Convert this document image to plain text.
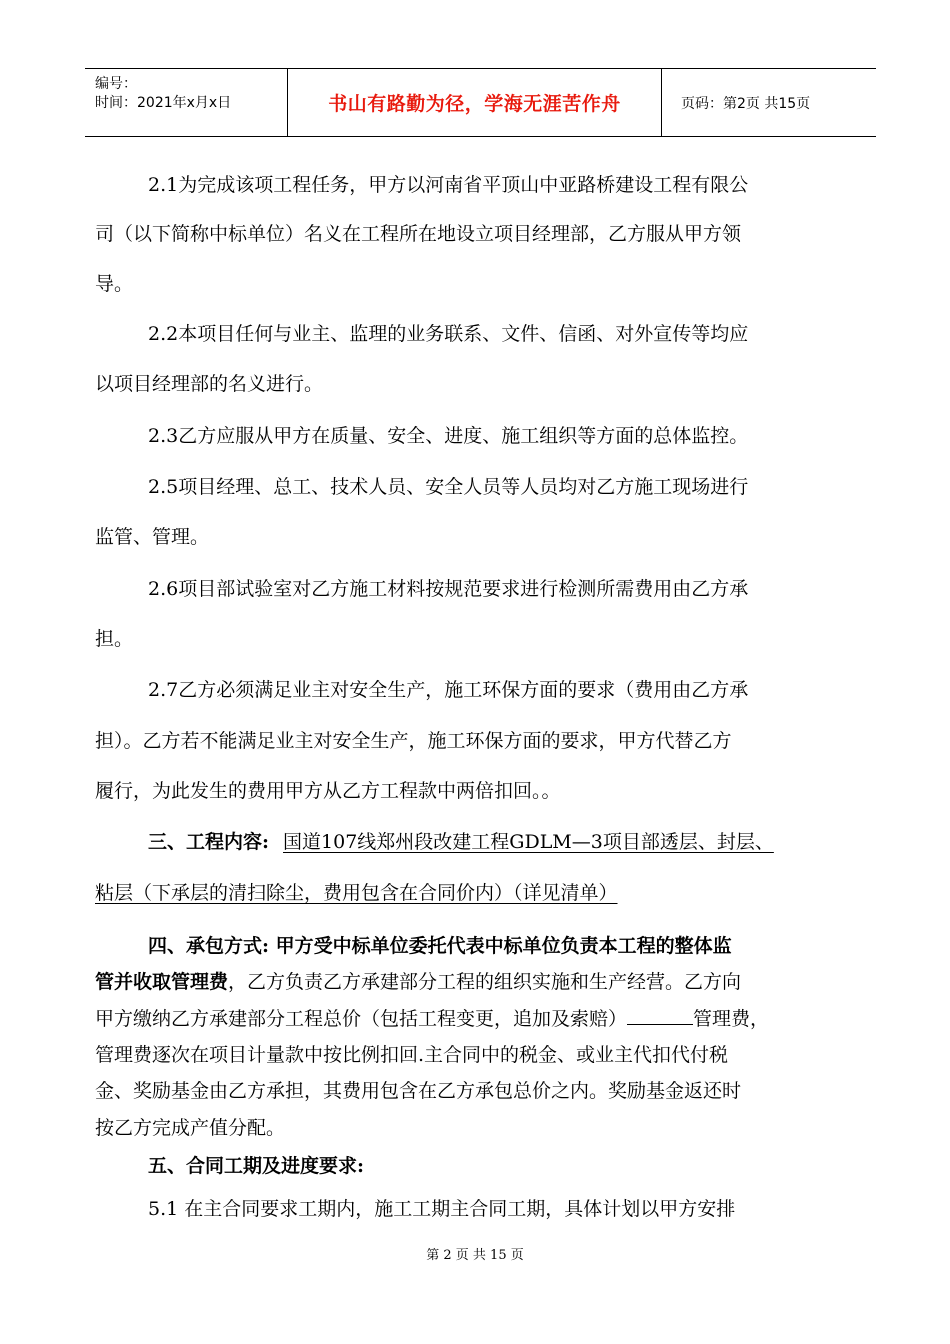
编号：
时间：2021年x月x日	书山有路勤为径，学海无涯苦作舟	页码：第2页 共15页
2.1为完成该项工程任务，甲方以河南省平顶山中亚路桥建设工程有限公
司（以下简称中标单位）名义在工程所在地设立项目经理部，乙方服从甲方领
导。
2.2本项目任何与业主、监理的业务联系、文件、信函、对外宣传等均应
以项目经理部的名义进行。
2.3乙方应服从甲方在质量、安全、进度、施工组织等方面的总体监控。
2.5项目经理、总工、技术人员、安全人员等人员均对乙方施工现场进行
监管、管理。
2.6项目部试验室对乙方施工材料按规范要求进行检测所需费用由乙方承
担。
2.7乙方必须满足业主对安全生产，施工环保方面的要求（费用由乙方承
担）。乙方若不能满足业主对安全生产，施工环保方面的要求，甲方代替乙方
履行，为此发生的费用甲方从乙方工程款中两倍扣回。。
三、工程内容: 国道107线郑州段改建工程GDLM—3项目部透层、封层、
粘层（下承层的清扫除尘，费用包含在合同价内）（详见清单）
四、承包方式: 甲方受中标单位委托代表中标单位负责本工程的整体监
管并收取管理费，乙方负责乙方承建部分工程的组织实施和生产经营。乙方向
甲方缴纳乙方承建部分工程总价（包括工程变更，追加及索赔）	管理费，
管理费逐次在项目计量款中按比例扣回.主合同中的税金、或业主代扣代付税
金、奖励基金由乙方承担，其费用包含在乙方承包总价之内。奖励基金返还时
按乙方完成产值分配。
五、合同工期及进度要求:
5.1 在主合同要求工期内，施工工期主合同工期，具体计划以甲方安排
第 2 页 共 15 页
